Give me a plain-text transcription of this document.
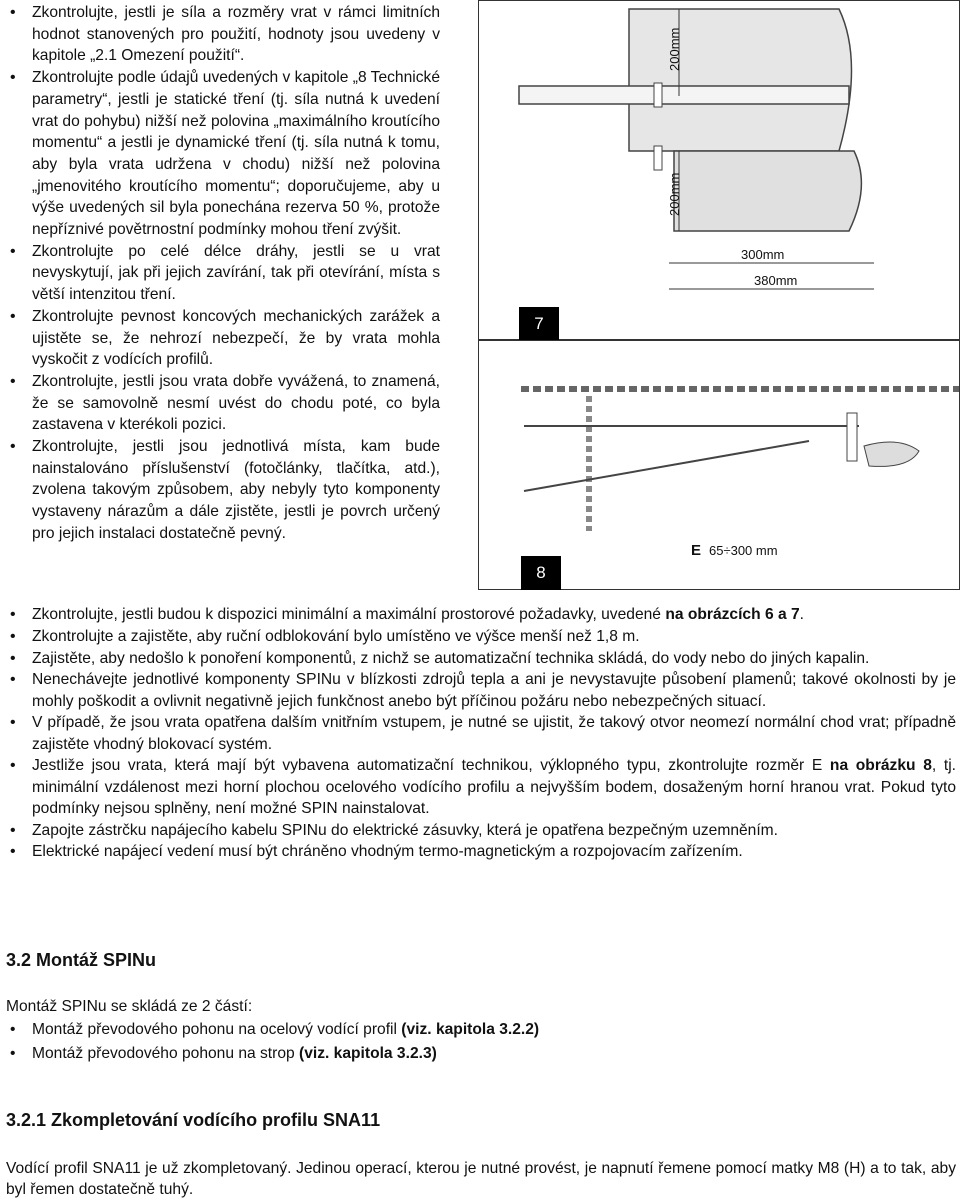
• Zkontrolujte, jestli je síla a rozměry vrat v rámci limitních hodnot stanovených pro použití, hodnoty jsou uvedeny v kapitole „2.1 Omezení použití“.
• Zkontrolujte podle údajů uvedených v kapitole „8 Technické parametry“, jestli je statické tření (tj. síla nutná k uvedení vrat do pohybu) nižší než polovina „maximálního kroutícího momentu“ a jestli je dynamické tření (tj. síla nutná k tomu, aby byla vrata udržena v chodu) nižší než polovina „jmenovitého kroutícího momentu“; doporučujeme, aby u výše uvedených sil byla ponechána rezerva 50 %, protože nepříznivé povětrnostní podmínky mohou tření zvýšit.
• Zkontrolujte po celé délce dráhy, jestli se u vrat nevyskytují, jak při jejich zavírání, tak při otevírání, místa s větší intenzitou tření.
• Zkontrolujte pevnost koncových mechanických zarážek a ujistěte se, že nehrozí nebezpečí, že by vrata mohla vyskočit z vodících profilů.
• Zkontrolujte, jestli jsou vrata dobře vyvážená, to znamená, že se samovolně nesmí uvést do chodu poté, co byla zastavena v kterékoli pozici.
• Zkontrolujte, jestli jsou jednotlivá místa, kam bude nainstalováno příslušenství (fotočlánky, tlačítka, atd.), zvolena takovým způsobem, aby nebyly tyto komponenty vystaveny nárazům a dále zjistěte, jestli je povrch určený pro jejich instalaci dostatečně pevný.
200mm
200mm
300mm
380mm
7
E 65÷300 mm
8
• Zkontrolujte, jestli budou k dispozici minimální a maximální prostorové požadavky, uvedené na obrázcích 6 a 7.
• Zkontrolujte a zajistěte, aby ruční odblokování bylo umístěno ve výšce menší než 1,8 m.
• Zajistěte, aby nedošlo k ponoření komponentů, z nichž se automatizační technika skládá, do vody nebo do jiných kapalin.
• Nenechávejte jednotlivé komponenty SPINu v blízkosti zdrojů tepla a ani je nevystavujte působení plamenů; takové okolnosti by je mohly poškodit a ovlivnit negativně jejich funkčnost anebo být příčinou požáru nebo nebezpečných situací.
• V případě, že jsou vrata opatřena dalším vnitřním vstupem, je nutné se ujistit, že takový otvor neomezí normální chod vrat; případně zajistěte vhodný blokovací systém.
• Jestliže jsou vrata, která mají být vybavena automatizační technikou, výklopného typu, zkontrolujte rozměr E na obrázku 8, tj. minimální vzdálenost mezi horní plochou ocelového vodícího profilu a nejvyšším bodem, dosaženým horní hranou vrat. Pokud tyto podmínky nejsou splněny, není možné SPIN nainstalovat.
• Zapojte zástrčku napájecího kabelu SPINu do elektrické zásuvky, která je opatřena bezpečným uzemněním.
• Elektrické napájecí vedení musí být chráněno vhodným termo-magnetickým a rozpojovacím zařízením.
3.2 Montáž SPINu

Montáž SPINu se skládá ze 2 částí:

• Montáž převodového pohonu na ocelový vodící profil (viz. kapitola 3.2.2)
• Montáž převodového pohonu na strop (viz. kapitola 3.2.3)
3.2.1 Zkompletování vodícího profilu SNA11

Vodící profil SNA11 je už zkompletovaný. Jedinou operací, kterou je nutné provést, je napnutí řemene pomocí matky M8 (H) a to tak, aby byl řemen dostatečně tuhý.
